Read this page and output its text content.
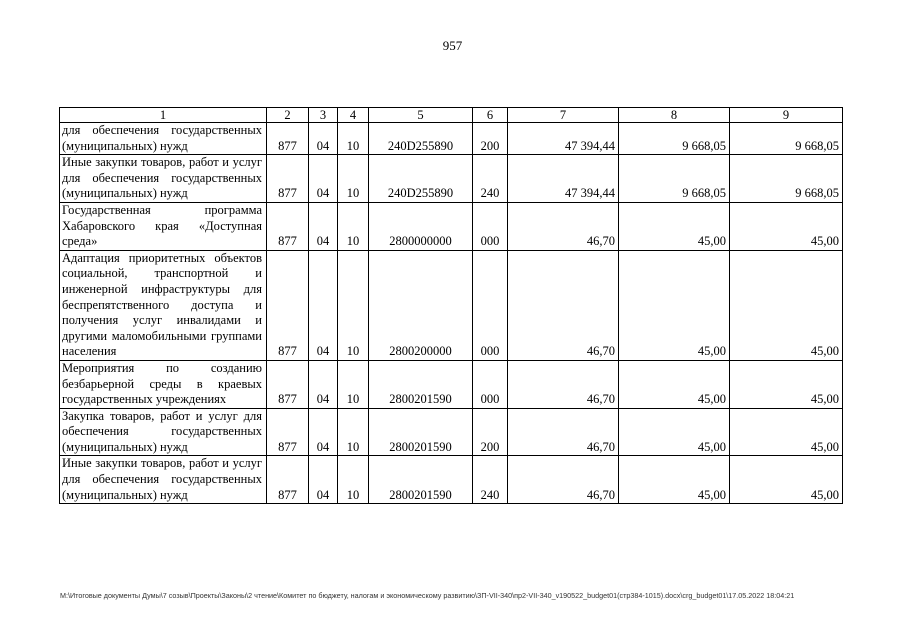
957
1	2	3	4	5	6	7	8	9
для обеспечения государственных (муниципальных) нужд	877	04	10	240D255890	200	47 394,44	9 668,05	9 668,05
Иные закупки товаров, работ и услуг для обеспечения государственных (муниципальных) нужд	877	04	10	240D255890	240	47 394,44	9 668,05	9 668,05
Государственная программа Хабаровского края «Доступная среда»	877	04	10	2800000000	000	46,70	45,00	45,00
Адаптация приоритетных объектов социальной, транспортной и инженерной инфраструктуры для беспрепятственного доступа и получения услуг инвалидами и другими маломобильными группами населения	877	04	10	2800200000	000	46,70	45,00	45,00
Мероприятия по созданию безбарьерной среды в краевых государственных учреждениях	877	04	10	2800201590	000	46,70	45,00	45,00
Закупка товаров, работ и услуг для обеспечения государственных (муниципальных) нужд	877	04	10	2800201590	200	46,70	45,00	45,00
Иные закупки товаров, работ и услуг для обеспечения государственных (муниципальных) нужд	877	04	10	2800201590	240	46,70	45,00	45,00
M:\Итоговые документы Думы\7 созыв\Проекты\Законы\2 чтение\Комитет по бюджету, налогам и экономическому развитию\ЗП-VII-340\пр2-VII-340_v190522_budget01(стр384-1015).docx\сrg_budget01\17.05.2022 18:04:21
